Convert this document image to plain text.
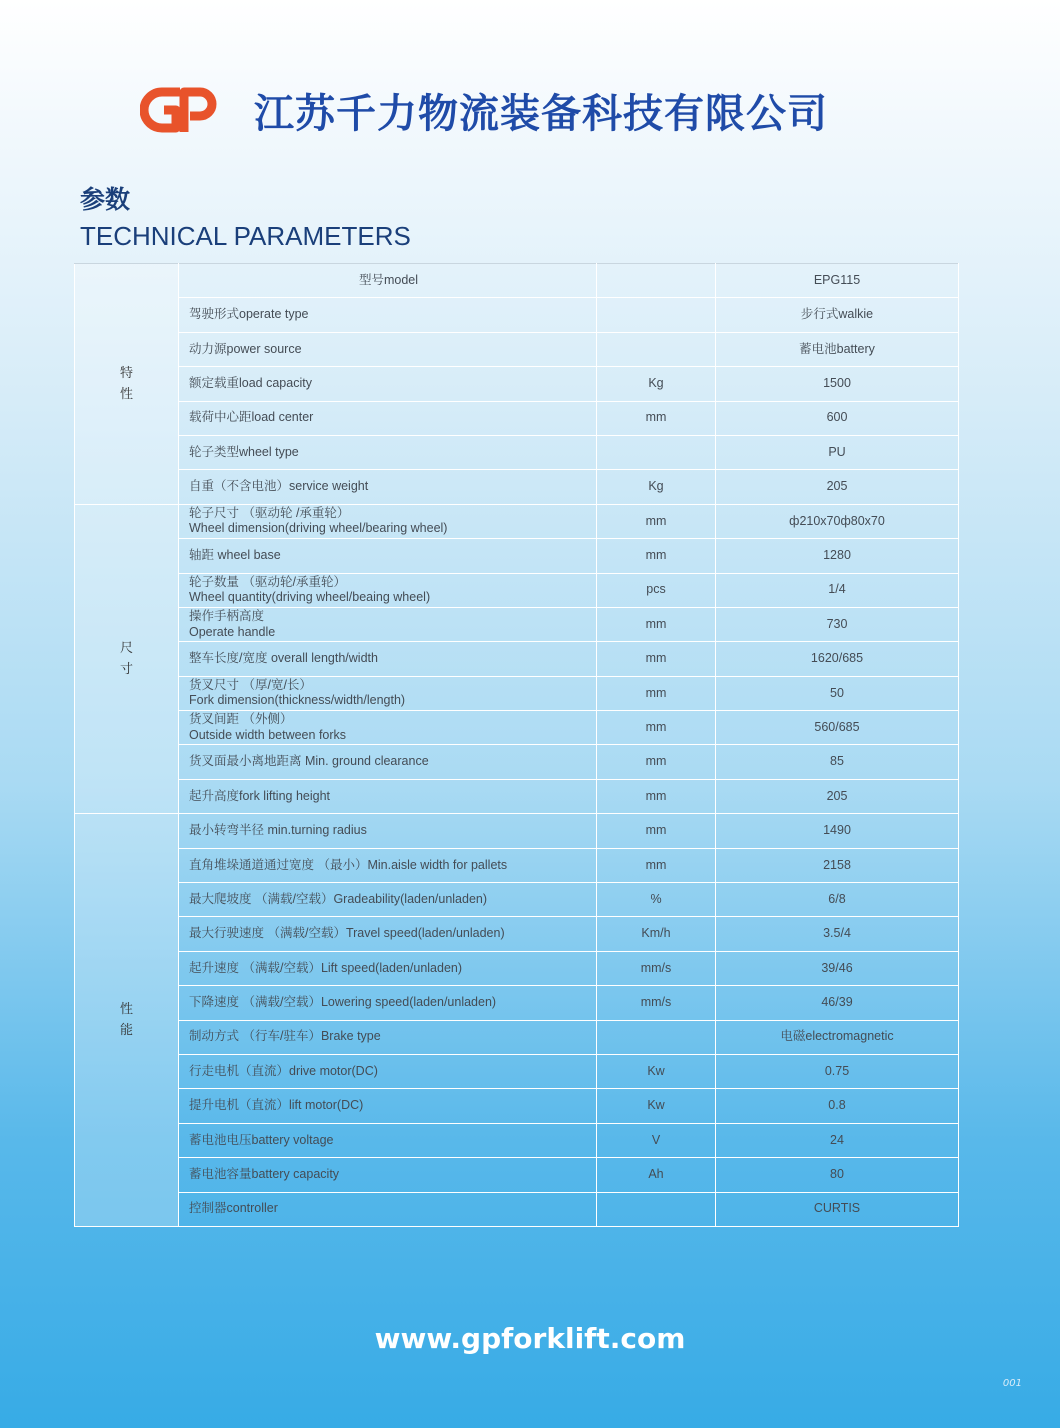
江苏千力物流装备科技有限公司
参数
TECHNICAL PARAMETERS
特
性	型号model		EPG115
	驾驶形式operate type		步行式walkie
	动力源power source		蓄电池battery
	额定载重load capacity	Kg	1500
	载荷中心距load center	mm	600
	轮子类型wheel type		PU
	自重（不含电池）service weight	Kg	205
尺
寸	轮子尺寸 （驱动轮 /承重轮）
Wheel dimension(driving wheel/bearing wheel)	mm	ф210x70ф80x70
	轴距 wheel base	mm	1280
	轮子数量 （驱动轮/承重轮）
Wheel quantity(driving wheel/beaing wheel)	pcs	1/4
	操作手柄高度
Operate handle	mm	730
	整车长度/宽度 overall length/width	mm	1620/685
	货叉尺寸 （厚/宽/长）
Fork dimension(thickness/width/length)	mm	50
	货叉间距 （外侧）
Outside width between forks	mm	560/685
	货叉面最小离地距离 Min. ground clearance	mm	85
	起升高度fork lifting height	mm	205
性
能	最小转弯半径 min.turning radius	mm	1490
	直角堆垛通道通过宽度 （最小）Min.aisle width for pallets	mm	2158
	最大爬坡度 （满载/空载）Gradeability(laden/unladen)	%	6/8
	最大行驶速度 （满载/空载）Travel speed(laden/unladen)	Km/h	3.5/4
	起升速度 （满载/空载）Lift speed(laden/unladen)	mm/s	39/46
	下降速度 （满载/空载）Lowering speed(laden/unladen)	mm/s	46/39
	制动方式 （行车/驻车）Brake type		电磁electromagnetic
	行走电机（直流）drive motor(DC)	Kw	0.75
	提升电机（直流）lift motor(DC)	Kw	0.8
	蓄电池电压battery voltage	V	24
	蓄电池容量battery capacity	Ah	80
	控制器controller		CURTIS
www.gpforklift.com
001
